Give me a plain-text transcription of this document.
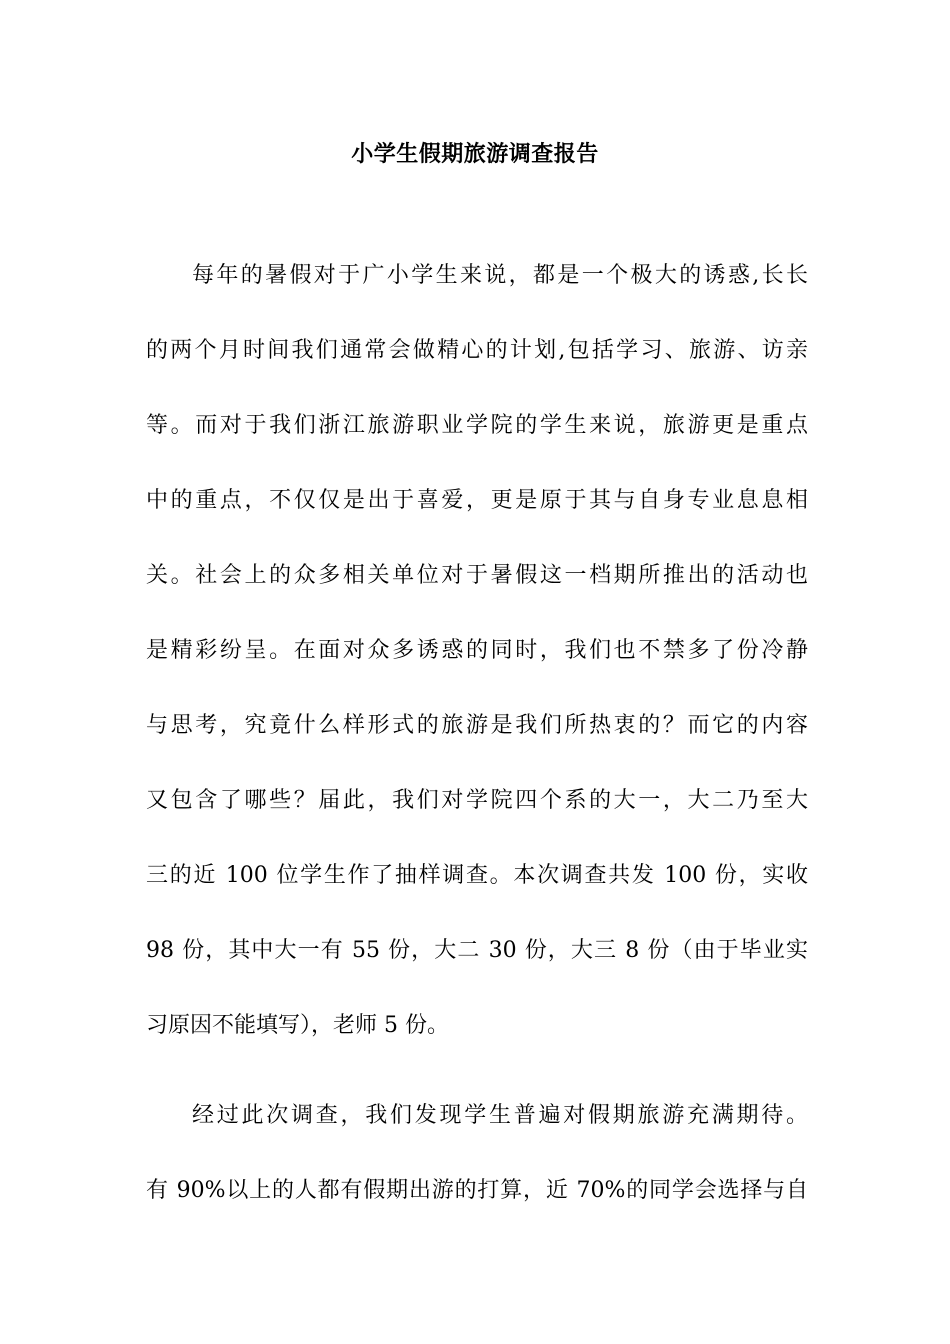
小学生假期旅游调查报告
每年的暑假对于广小学生来说，都是一个极大的诱惑,长长
的两个月时间我们通常会做精心的计划,包括学习、旅游、访亲
等。而对于我们浙江旅游职业学院的学生来说，旅游更是重点
中的重点，不仅仅是出于喜爱，更是原于其与自身专业息息相
关。社会上的众多相关单位对于暑假这一档期所推出的活动也
是精彩纷呈。在面对众多诱惑的同时，我们也不禁多了份冷静
与思考，究竟什么样形式的旅游是我们所热衷的？而它的内容
又包含了哪些？届此，我们对学院四个系的大一，大二乃至大
三的近 100 位学生作了抽样调查。本次调查共发 100 份，实收
98 份，其中大一有 55 份，大二 30 份，大三 8 份（由于毕业实
习原因不能填写），老师 5 份。
经过此次调查，我们发现学生普遍对假期旅游充满期待。
有 90%以上的人都有假期出游的打算，近 70%的同学会选择与自
